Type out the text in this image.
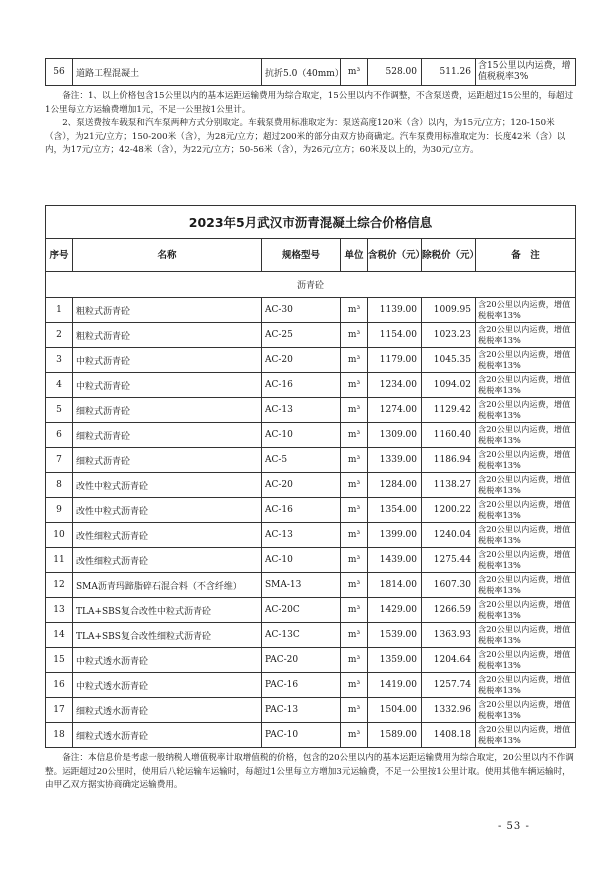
56	道路工程混凝土	抗折5.0（40mm）	m³	528.00	511.26	含15公里以内运费，增值税税率3%

备注：1、以上价格包含15公里以内的基本运距运输费用为综合取定，15公里以内不作调整，不含泵送费，运距超过15公里的，每超过1公里每立方运输费增加1元，不足一公里按1公里计。

2、泵送费按车载泵和汽车泵两种方式分别取定。车载泵费用标准取定为：泵送高度120米（含）以内，为15元/立方；120-150米（含），为21元/立方；150-200米（含），为28元/立方；超过200米的部分由双方协商确定。汽车泵费用标准取定为：长度42米（含）以内，为17元/立方；42-48米（含），为22元/立方；50-56米（含），为26元/立方；60米及以上的，为30元/立方。

2023年5月武汉市沥青混凝土综合价格信息						
序号	名称	规格型号	单位	含税价（元）	除税价（元）	备　注
沥青砼						
1	粗粒式沥青砼	AC-30	m³	1139.00	1009.95	含20公里以内运费，增值税税率13%
2	粗粒式沥青砼	AC-25	m³	1154.00	1023.23	含20公里以内运费，增值税税率13%
3	中粒式沥青砼	AC-20	m³	1179.00	1045.35	含20公里以内运费，增值税税率13%
4	中粒式沥青砼	AC-16	m³	1234.00	1094.02	含20公里以内运费，增值税税率13%
5	细粒式沥青砼	AC-13	m³	1274.00	1129.42	含20公里以内运费，增值税税率13%
6	细粒式沥青砼	AC-10	m³	1309.00	1160.40	含20公里以内运费，增值税税率13%
7	细粒式沥青砼	AC-5	m³	1339.00	1186.94	含20公里以内运费，增值税税率13%
8	改性中粒式沥青砼	AC-20	m³	1284.00	1138.27	含20公里以内运费，增值税税率13%
9	改性中粒式沥青砼	AC-16	m³	1354.00	1200.22	含20公里以内运费，增值税税率13%
10	改性细粒式沥青砼	AC-13	m³	1399.00	1240.04	含20公里以内运费，增值税税率13%
11	改性细粒式沥青砼	AC-10	m³	1439.00	1275.44	含20公里以内运费，增值税税率13%
12	SMA沥青玛蹄脂碎石混合料（不含纤维）	SMA-13	m³	1814.00	1607.30	含20公里以内运费，增值税税率13%
13	TLA+SBS复合改性中粒式沥青砼	AC-20C	m³	1429.00	1266.59	含20公里以内运费，增值税税率13%
14	TLA+SBS复合改性细粒式沥青砼	AC-13C	m³	1539.00	1363.93	含20公里以内运费，增值税税率13%
15	中粒式透水沥青砼	PAC-20	m³	1359.00	1204.64	含20公里以内运费，增值税税率13%
16	中粒式透水沥青砼	PAC-16	m³	1419.00	1257.74	含20公里以内运费，增值税税率13%
17	细粒式透水沥青砼	PAC-13	m³	1504.00	1332.96	含20公里以内运费，增值税税率13%
18	细粒式透水沥青砼	PAC-10	m³	1589.00	1408.18	含20公里以内运费，增值税税率13%

备注：本信息价是考虑一般纳税人增值税率计取增值税的价格，包含的20公里以内的基本运距运输费用为综合取定，20公里以内不作调整。运距超过20公里时，使用后八轮运输车运输时，每超过1公里每立方增加3元运输费，不足一公里按1公里计取。使用其他车辆运输时，由甲乙双方据实协商确定运输费用。

- 53 -
